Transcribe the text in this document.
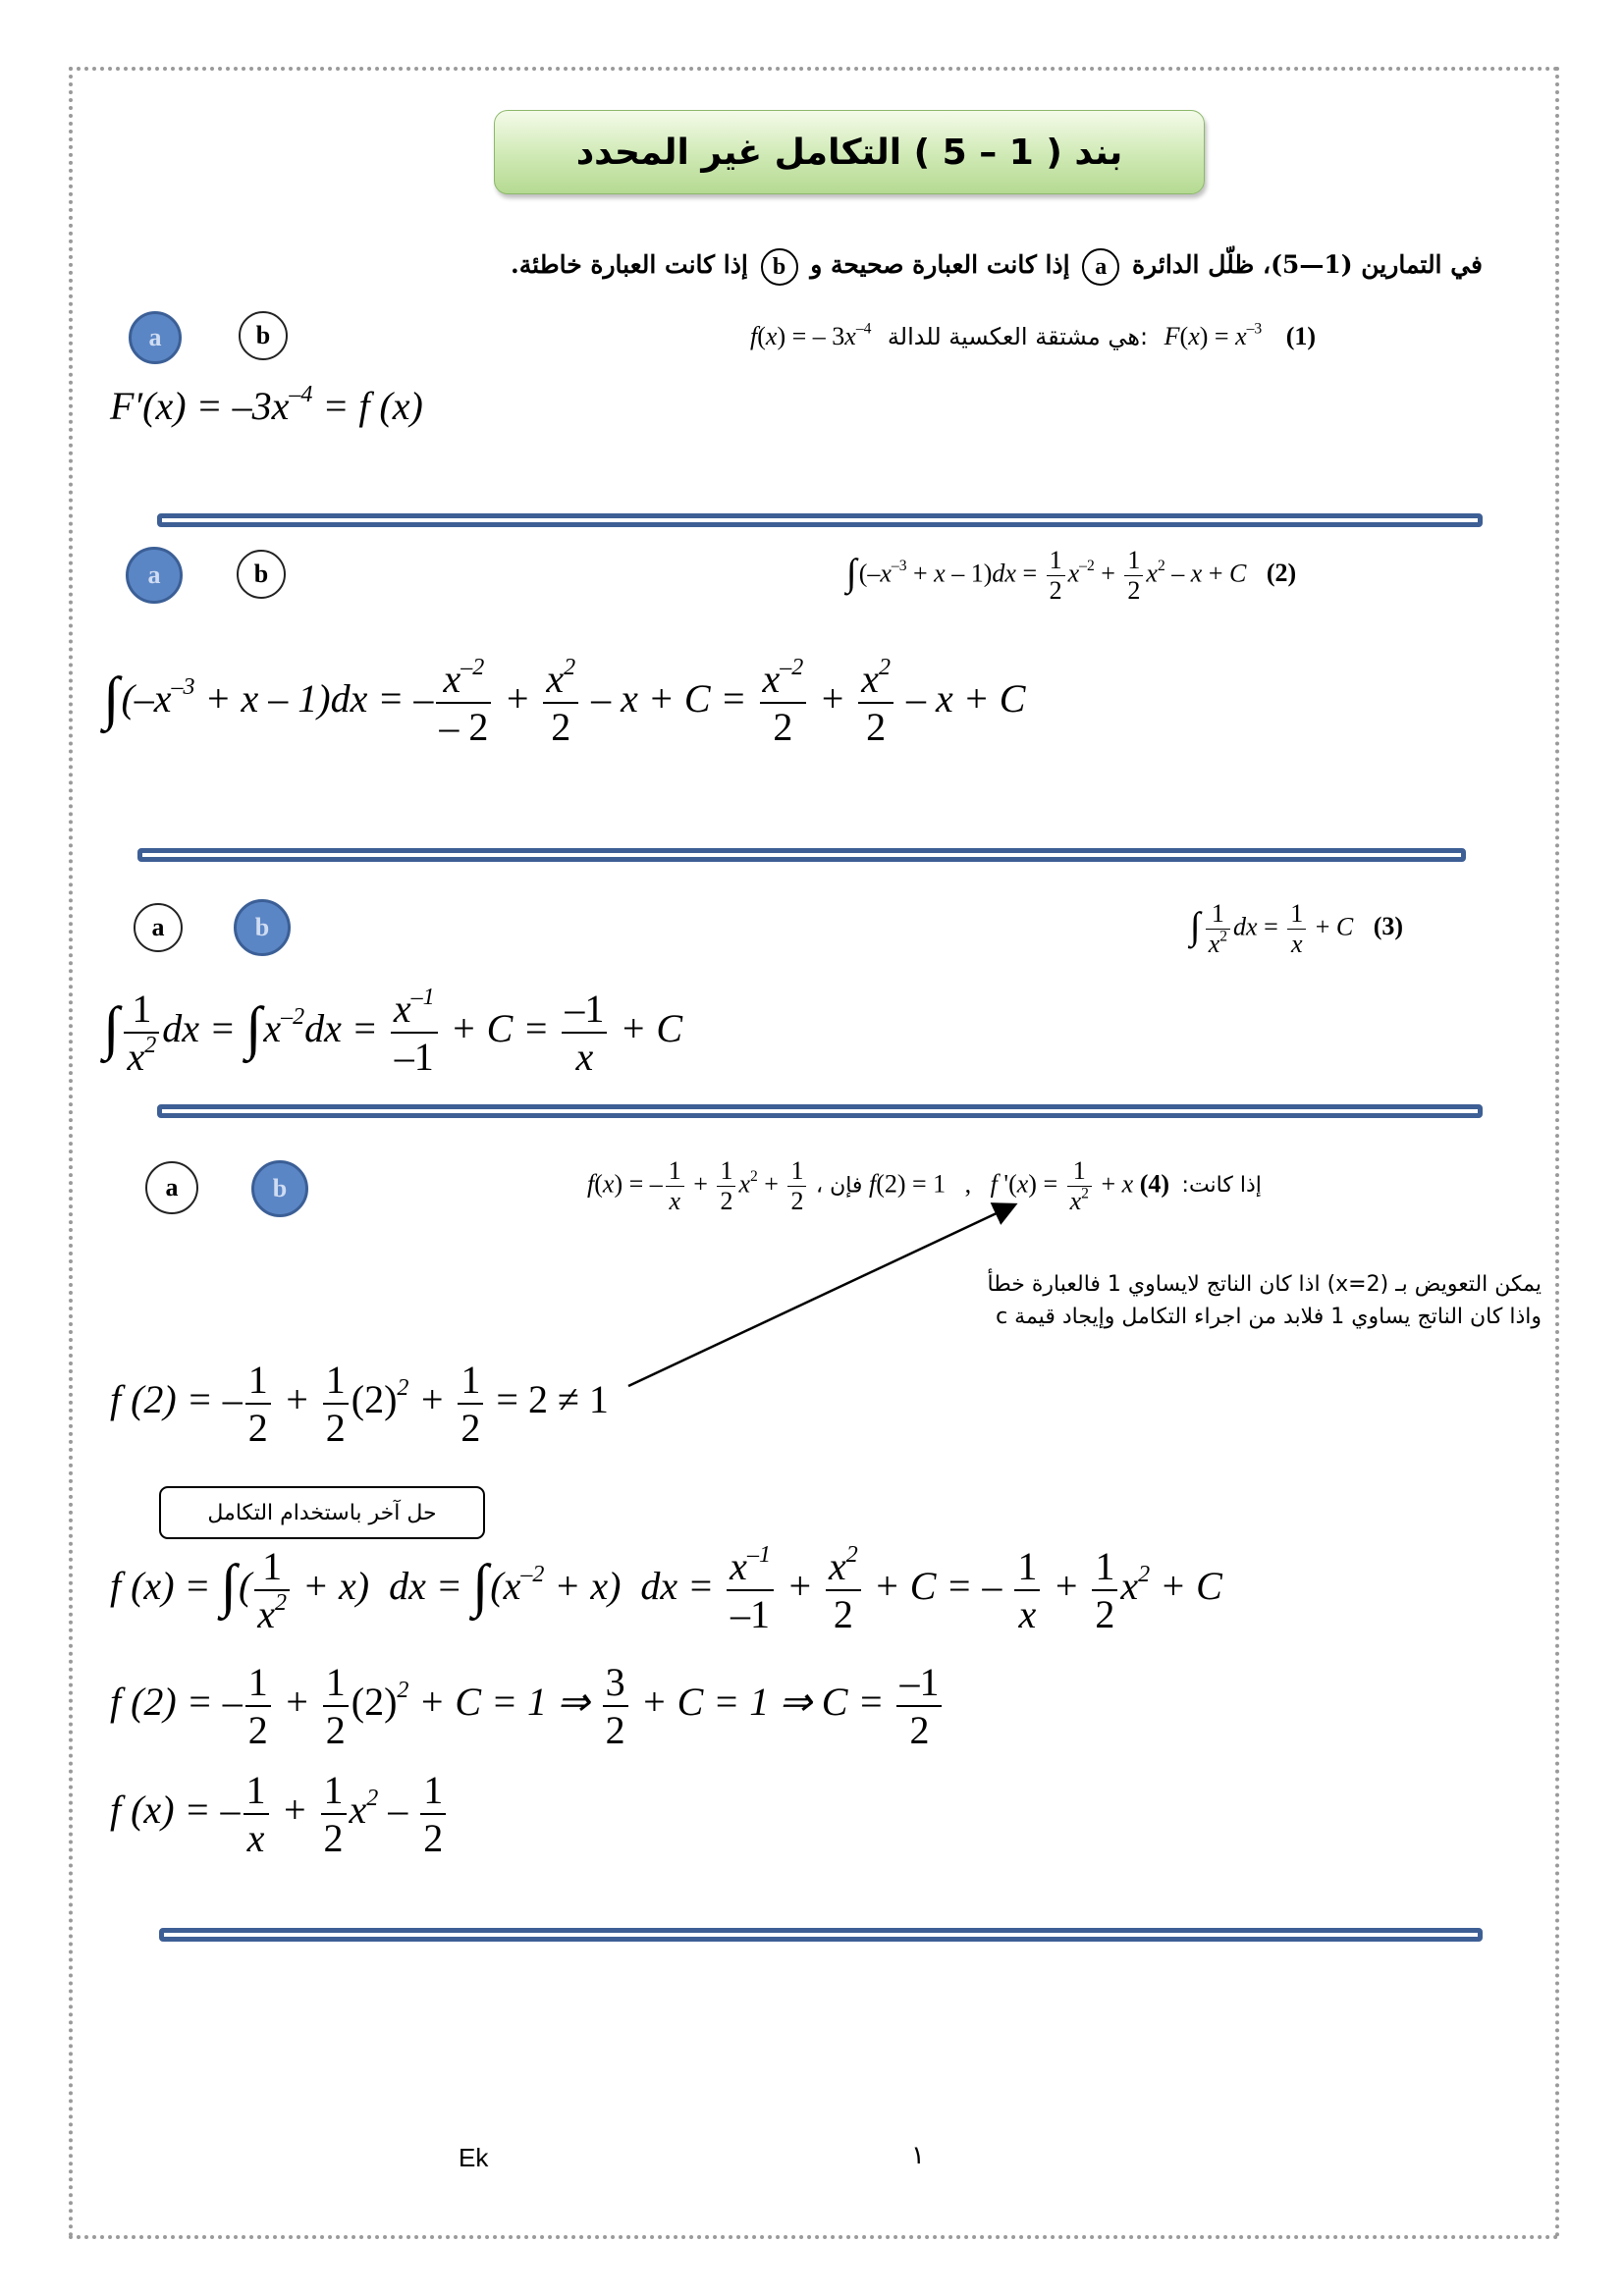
بند ( 1 – 5 ) التكامل غير المحدد
في التمارين (1—5)، ظلّل الدائرة a إذا كانت العبارة صحيحة و b إذا كانت العبارة خاطئة.
a	b	f(x) = – $3x^{-4}$ هي مشتقة العكسية للدالة: $F(x) = x^{-3}$ (1)
$F'(x) = -3x^{-4} = f$ (x)
a	b	$\int(-x^{-3} + x - 1)dx = \frac{1}{2} x^{-2} + \frac{1}{2} x^2 - x + C$ (2)
$\int(-x^{-3} + x - 1)dx$ = – $\frac{x^{-2}}{- 2} + \frac{x^2}{2} - x + C = \frac{x^{-2}}{2} + \frac{x^2}{2} - x + C$
a	b	∫ $\frac{1}{x^2}$ dx = $\frac{1}{x} + C$ (3)
∫ $\frac{1}{x^2}$ dx = $\int x^{-2}dx = \frac{x^{-1}}{-1} + C = \frac{-1}{x} + C$
a	b	f(x) = – $\frac{1}{x} + \frac{1}{2} x^2 + \frac{1}{2}$ ، فإن f(2) = 1   ,   f '$(x) = \frac{1}{x^2} + x$ إذا كانت: (4)
يمكن التعويض بـ (x=2) اذا كان الناتج لايساوي 1 فالعبارة خطأ
واذا كان الناتج يساوي 1 فلابد من اجراء التكامل وإيجاد قيمة c
f (2) = – $\frac{1}{2} + \frac{1}{2} (2)^2 + \frac{1}{2} = 2 \ne 1$
حل آخر باستخدام التكامل
f (x) = ∫( $\frac{1}{x^2} + x$)  dx = $\int(x^{-2} + x)$  dx = $\frac{x^{-1}}{-1} + \frac{x^2}{2} + C$ = – $\frac{1}{x} + \frac{1}{2} x^2 + C$
f (2) = – $\frac{1}{2} + \frac{1}{2} (2)^2 + C = 1$ ⇒ $\frac{3}{2} + C = 1$ ⇒ $C = \frac{-1}{2}$
f (x) = – $\frac{1}{x} + \frac{1}{2} x^2 - \frac{1}{2}$
Ek	١
